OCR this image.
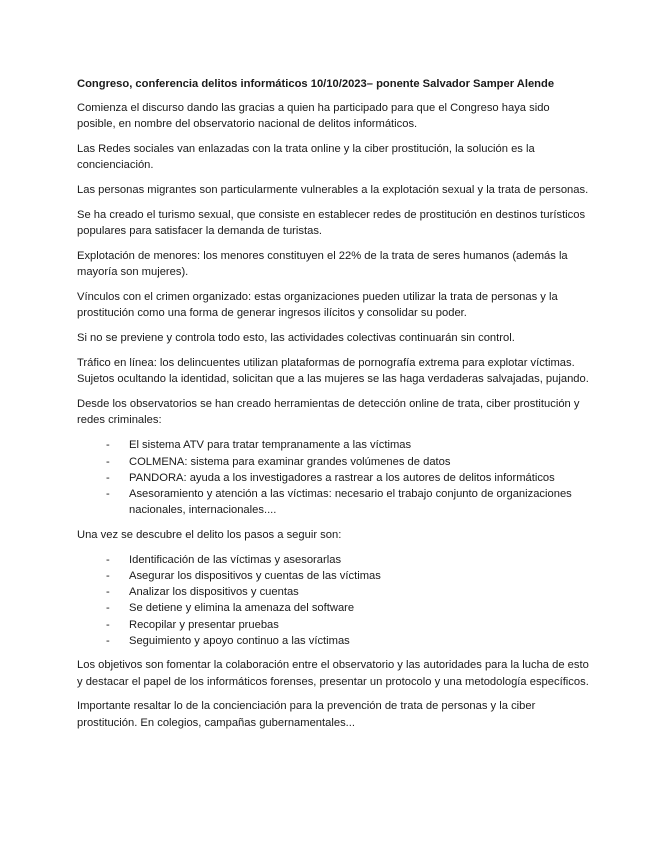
Congreso, conferencia delitos informáticos 10/10/2023– ponente Salvador Samper Alende

Comienza el discurso dando las gracias a quien ha participado para que el Congreso haya sido posible, en nombre del observatorio nacional de delitos informáticos.

Las Redes sociales van enlazadas con la trata online y la ciber prostitución, la solución es la concienciación.

Las personas migrantes son particularmente vulnerables a la explotación sexual y la trata de personas.

Se ha creado el turismo sexual, que consiste en establecer redes de prostitución en destinos turísticos populares para satisfacer la demanda de turistas.

Explotación de menores: los menores constituyen el 22% de la trata de seres humanos (además la mayoría son mujeres).

Vínculos con el crimen organizado: estas organizaciones pueden utilizar la trata de personas y la prostitución como una forma de generar ingresos ilícitos y consolidar su poder.

Si no se previene y controla todo esto, las actividades colectivas continuarán sin control.

Tráfico en línea: los delincuentes utilizan plataformas de pornografía extrema para explotar víctimas. Sujetos ocultando la identidad, solicitan que a las mujeres se las haga verdaderas salvajadas, pujando.

Desde los observatorios se han creado herramientas de detección online de trata, ciber prostitución y redes criminales:

- El sistema ATV para tratar tempranamente a las víctimas
- COLMENA: sistema para examinar grandes volúmenes de datos
- PANDORA: ayuda a los investigadores a rastrear a los autores de delitos informáticos
- Asesoramiento y atención a las víctimas: necesario el trabajo conjunto de organizaciones nacionales, internacionales....

Una vez se descubre el delito los pasos a seguir son:

- Identificación de las víctimas y asesorarlas
- Asegurar los dispositivos y cuentas de las víctimas
- Analizar los dispositivos y cuentas
- Se detiene y elimina la amenaza del software
- Recopilar y presentar pruebas
- Seguimiento y apoyo continuo a las víctimas

Los objetivos son fomentar la colaboración entre el observatorio y las autoridades para la lucha de esto y destacar el papel de los informáticos forenses, presentar un protocolo y una metodología específicos.

Importante resaltar lo de la concienciación para la prevención de trata de personas y la ciber prostitución. En colegios, campañas gubernamentales...
